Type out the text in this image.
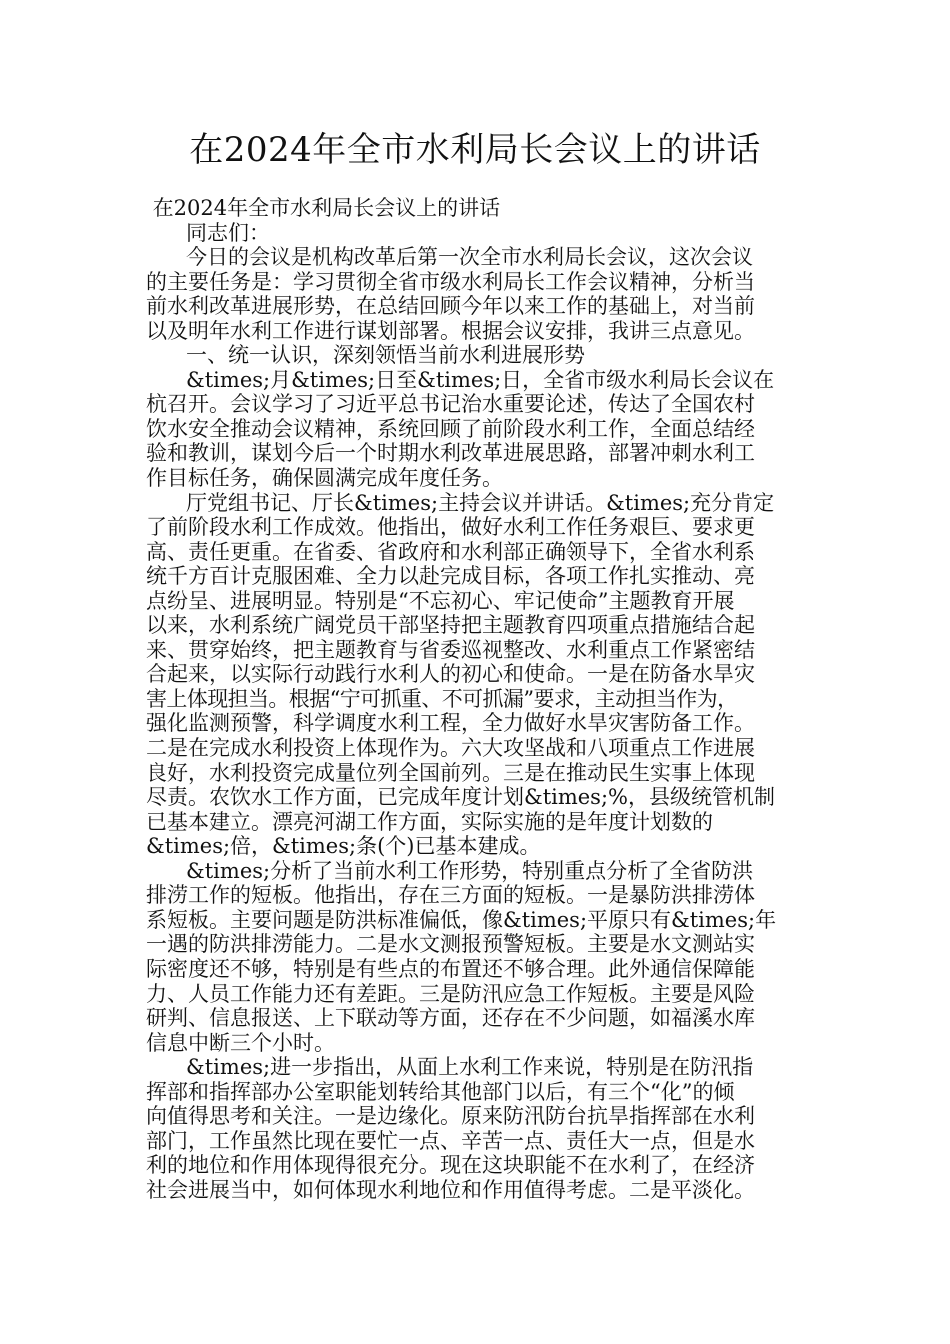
在2024年全市水利局长会议上的讲话
在2024年全市水利局长会议上的讲话
同志们：
今日的会议是机构改革后第一次全市水利局长会议，这次会议
的主要任务是：学习贯彻全省市级水利局长工作会议精神，分析当
前水利改革进展形势，在总结回顾今年以来工作的基础上，对当前
以及明年水利工作进行谋划部署。根据会议安排，我讲三点意见。
一、统一认识，深刻领悟当前水利进展形势
&times;月&times;日至&times;日，全省市级水利局长会议在
杭召开。会议学习了习近平总书记治水重要论述，传达了全国农村
饮水安全推动会议精神，系统回顾了前阶段水利工作，全面总结经
验和教训，谋划今后一个时期水利改革进展思路，部署冲刺水利工
作目标任务，确保圆满完成年度任务。
厅党组书记、厅长&times;主持会议并讲话。&times;充分肯定
了前阶段水利工作成效。他指出，做好水利工作任务艰巨、要求更
高、责任更重。在省委、省政府和水利部正确领导下，全省水利系
统千方百计克服困难、全力以赴完成目标，各项工作扎实推动、亮
点纷呈、进展明显。特别是“不忘初心、牢记使命”主题教育开展
以来，水利系统广阔党员干部坚持把主题教育四项重点措施结合起
来、贯穿始终，把主题教育与省委巡视整改、水利重点工作紧密结
合起来，以实际行动践行水利人的初心和使命。一是在防备水旱灾
害上体现担当。根据“宁可抓重、不可抓漏”要求，主动担当作为，
强化监测预警，科学调度水利工程，全力做好水旱灾害防备工作。
二是在完成水利投资上体现作为。六大攻坚战和八项重点工作进展
良好，水利投资完成量位列全国前列。三是在推动民生实事上体现
尽责。农饮水工作方面，已完成年度计划&times;%，县级统管机制
已基本建立。漂亮河湖工作方面，实际实施的是年度计划数的
&times;倍，&times;条(个)已基本建成。
&times;分析了当前水利工作形势，特别重点分析了全省防洪
排涝工作的短板。他指出，存在三方面的短板。一是暴防洪排涝体
系短板。主要问题是防洪标准偏低，像&times;平原只有&times;年
一遇的防洪排涝能力。二是水文测报预警短板。主要是水文测站实
际密度还不够，特别是有些点的布置还不够合理。此外通信保障能
力、人员工作能力还有差距。三是防汛应急工作短板。主要是风险
研判、信息报送、上下联动等方面，还存在不少问题，如福溪水库
信息中断三个小时。
&times;进一步指出，从面上水利工作来说，特别是在防汛指
挥部和指挥部办公室职能划转给其他部门以后，有三个“化”的倾
向值得思考和关注。一是边缘化。原来防汛防台抗旱指挥部在水利
部门，工作虽然比现在要忙一点、辛苦一点、责任大一点，但是水
利的地位和作用体现得很充分。现在这块职能不在水利了，在经济
社会进展当中，如何体现水利地位和作用值得考虑。二是平淡化。
